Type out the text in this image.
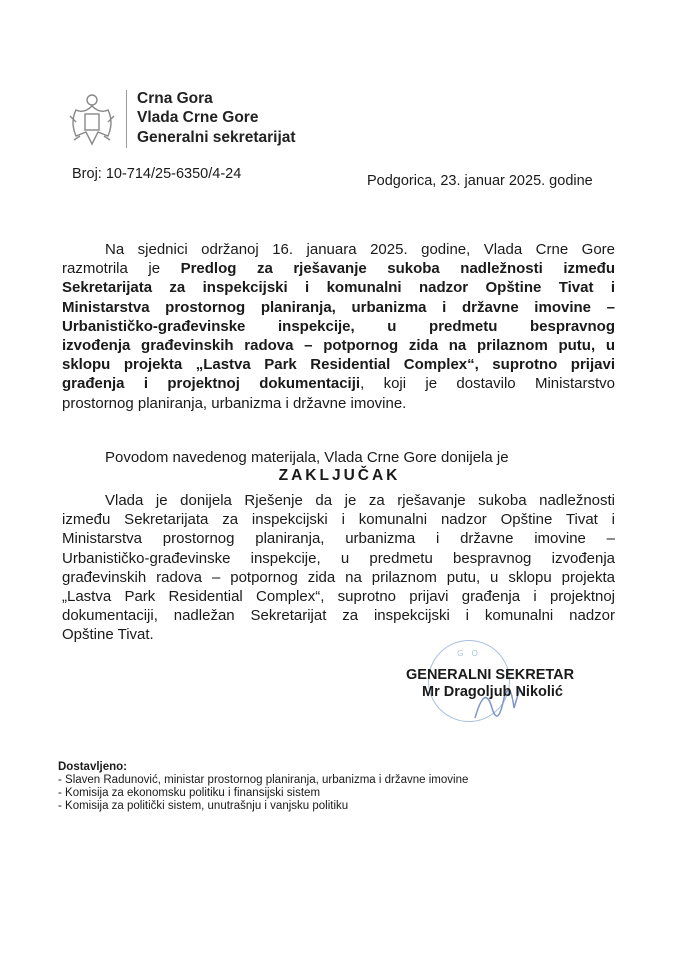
Crna Gora
Vlada Crne Gore
Generalni sekretarijat
Broj: 10-714/25-6350/4-24	Podgorica, 23. januar 2025. godine
Na sjednici održanoj 16. januara 2025. godine, Vlada Crne Gore
razmotrila je Predlog za rješavanje sukoba nadležnosti između
Sekretarijata za inspekcijski i komunalni nadzor Opštine Tivat i
Ministarstva prostornog planiranja, urbanizma i državne imovine –
Urbanističko-građevinske inspekcije, u predmetu bespravnog
izvođenja građevinskih radova – potpornog zida na prilaznom putu, u
sklopu projekta „Lastva Park Residential Complex“, suprotno prijavi
građenja i projektnoj dokumentaciji, koji je dostavilo Ministarstvo
prostornog planiranja, urbanizma i državne imovine.
Povodom navedenog materijala, Vlada Crne Gore donijela je
ZAKLJUČAK
Vlada je donijela Rješenje da je za rješavanje sukoba nadležnosti
između Sekretarijata za inspekcijski i komunalni nadzor Opštine Tivat i
Ministarstva prostornog planiranja, urbanizma i državne imovine –
Urbanističko-građevinske inspekcije, u predmetu bespravnog izvođenja
građevinskih radova – potpornog zida na prilaznom putu, u sklopu projekta
„Lastva Park Residential Complex“, suprotno prijavi građenja i projektnoj
dokumentaciji, nadležan Sekretarijat za inspekcijski i komunalni nadzor
Opštine Tivat.
G O
GENERALNI SEKRETAR
Mr Dragoljub Nikolić
Dostavljeno:
- Slaven Radunović, ministar prostornog planiranja, urbanizma i državne imovine
- Komisija za ekonomsku politiku i finansijski sistem
- Komisija za politički sistem, unutrašnju i vanjsku politiku
